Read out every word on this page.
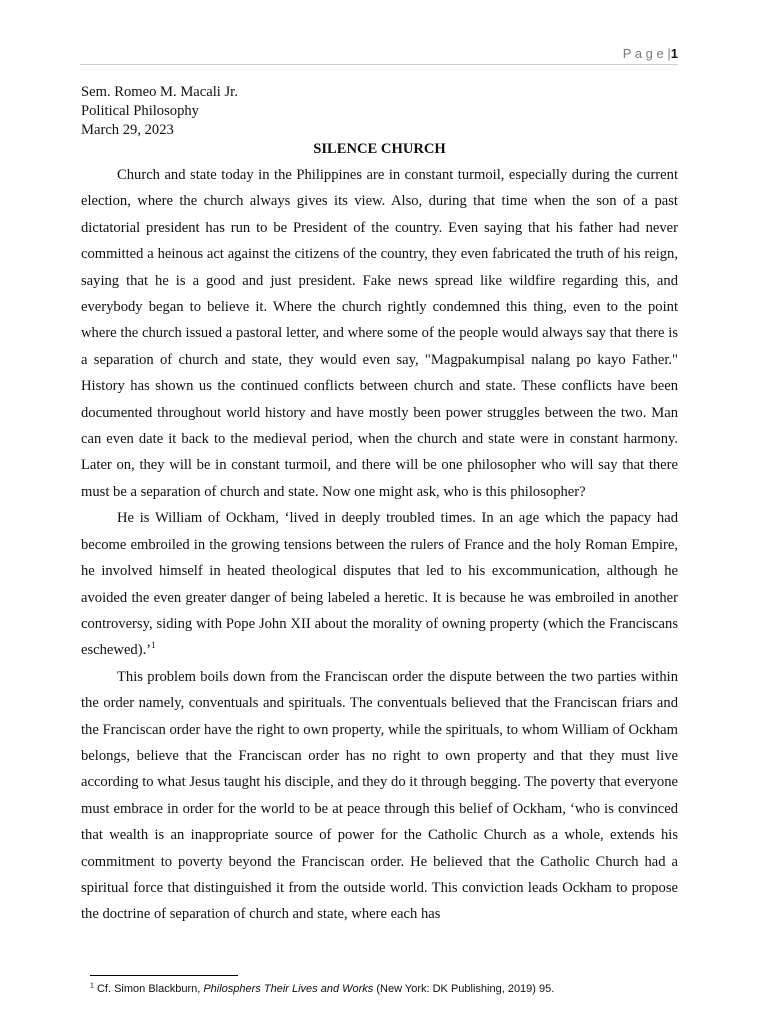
P a g e |1
Sem. Romeo M. Macali Jr.
Political Philosophy
March 29, 2023
SILENCE CHURCH

Church and state today in the Philippines are in constant turmoil, especially during the current election, where the church always gives its view. Also, during that time when the son of a past dictatorial president has run to be President of the country. Even saying that his father had never committed a heinous act against the citizens of the country, they even fabricated the truth of his reign, saying that he is a good and just president. Fake news spread like wildfire regarding this, and everybody began to believe it. Where the church rightly condemned this thing, even to the point where the church issued a pastoral letter, and where some of the people would always say that there is a separation of church and state, they would even say, "Magpakumpisal nalang po kayo Father." History has shown us the continued conflicts between church and state. These conflicts have been documented throughout world history and have mostly been power struggles between the two. Man can even date it back to the medieval period, when the church and state were in constant harmony. Later on, they will be in constant turmoil, and there will be one philosopher who will say that there must be a separation of church and state. Now one might ask, who is this philosopher?

He is William of Ockham, ‘lived in deeply troubled times. In an age which the papacy had become embroiled in the growing tensions between the rulers of France and the holy Roman Empire, he involved himself in heated theological disputes that led to his excommunication, although he avoided the even greater danger of being labeled a heretic. It is because he was embroiled in another controversy, siding with Pope John XII about the morality of owning property (which the Franciscans eschewed).’$^1$

This problem boils down from the Franciscan order the dispute between the two parties within the order namely, conventuals and spirituals. The conventuals believed that the Franciscan friars and the Franciscan order have the right to own property, while the spirituals, to whom William of Ockham belongs, believe that the Franciscan order has no right to own property and that they must live according to what Jesus taught his disciple, and they do it through begging. The poverty that everyone must embrace in order for the world to be at peace through this belief of Ockham, ‘who is convinced that wealth is an inappropriate source of power for the Catholic Church as a whole, extends his commitment to poverty beyond the Franciscan order. He believed that the Catholic Church had a spiritual force that distinguished it from the outside world. This conviction leads Ockham to propose the doctrine of separation of church and state, where each has

$^1$ Cf. Simon Blackburn, Philosphers Their Lives and Works (New York: DK Publishing, 2019) 95.
